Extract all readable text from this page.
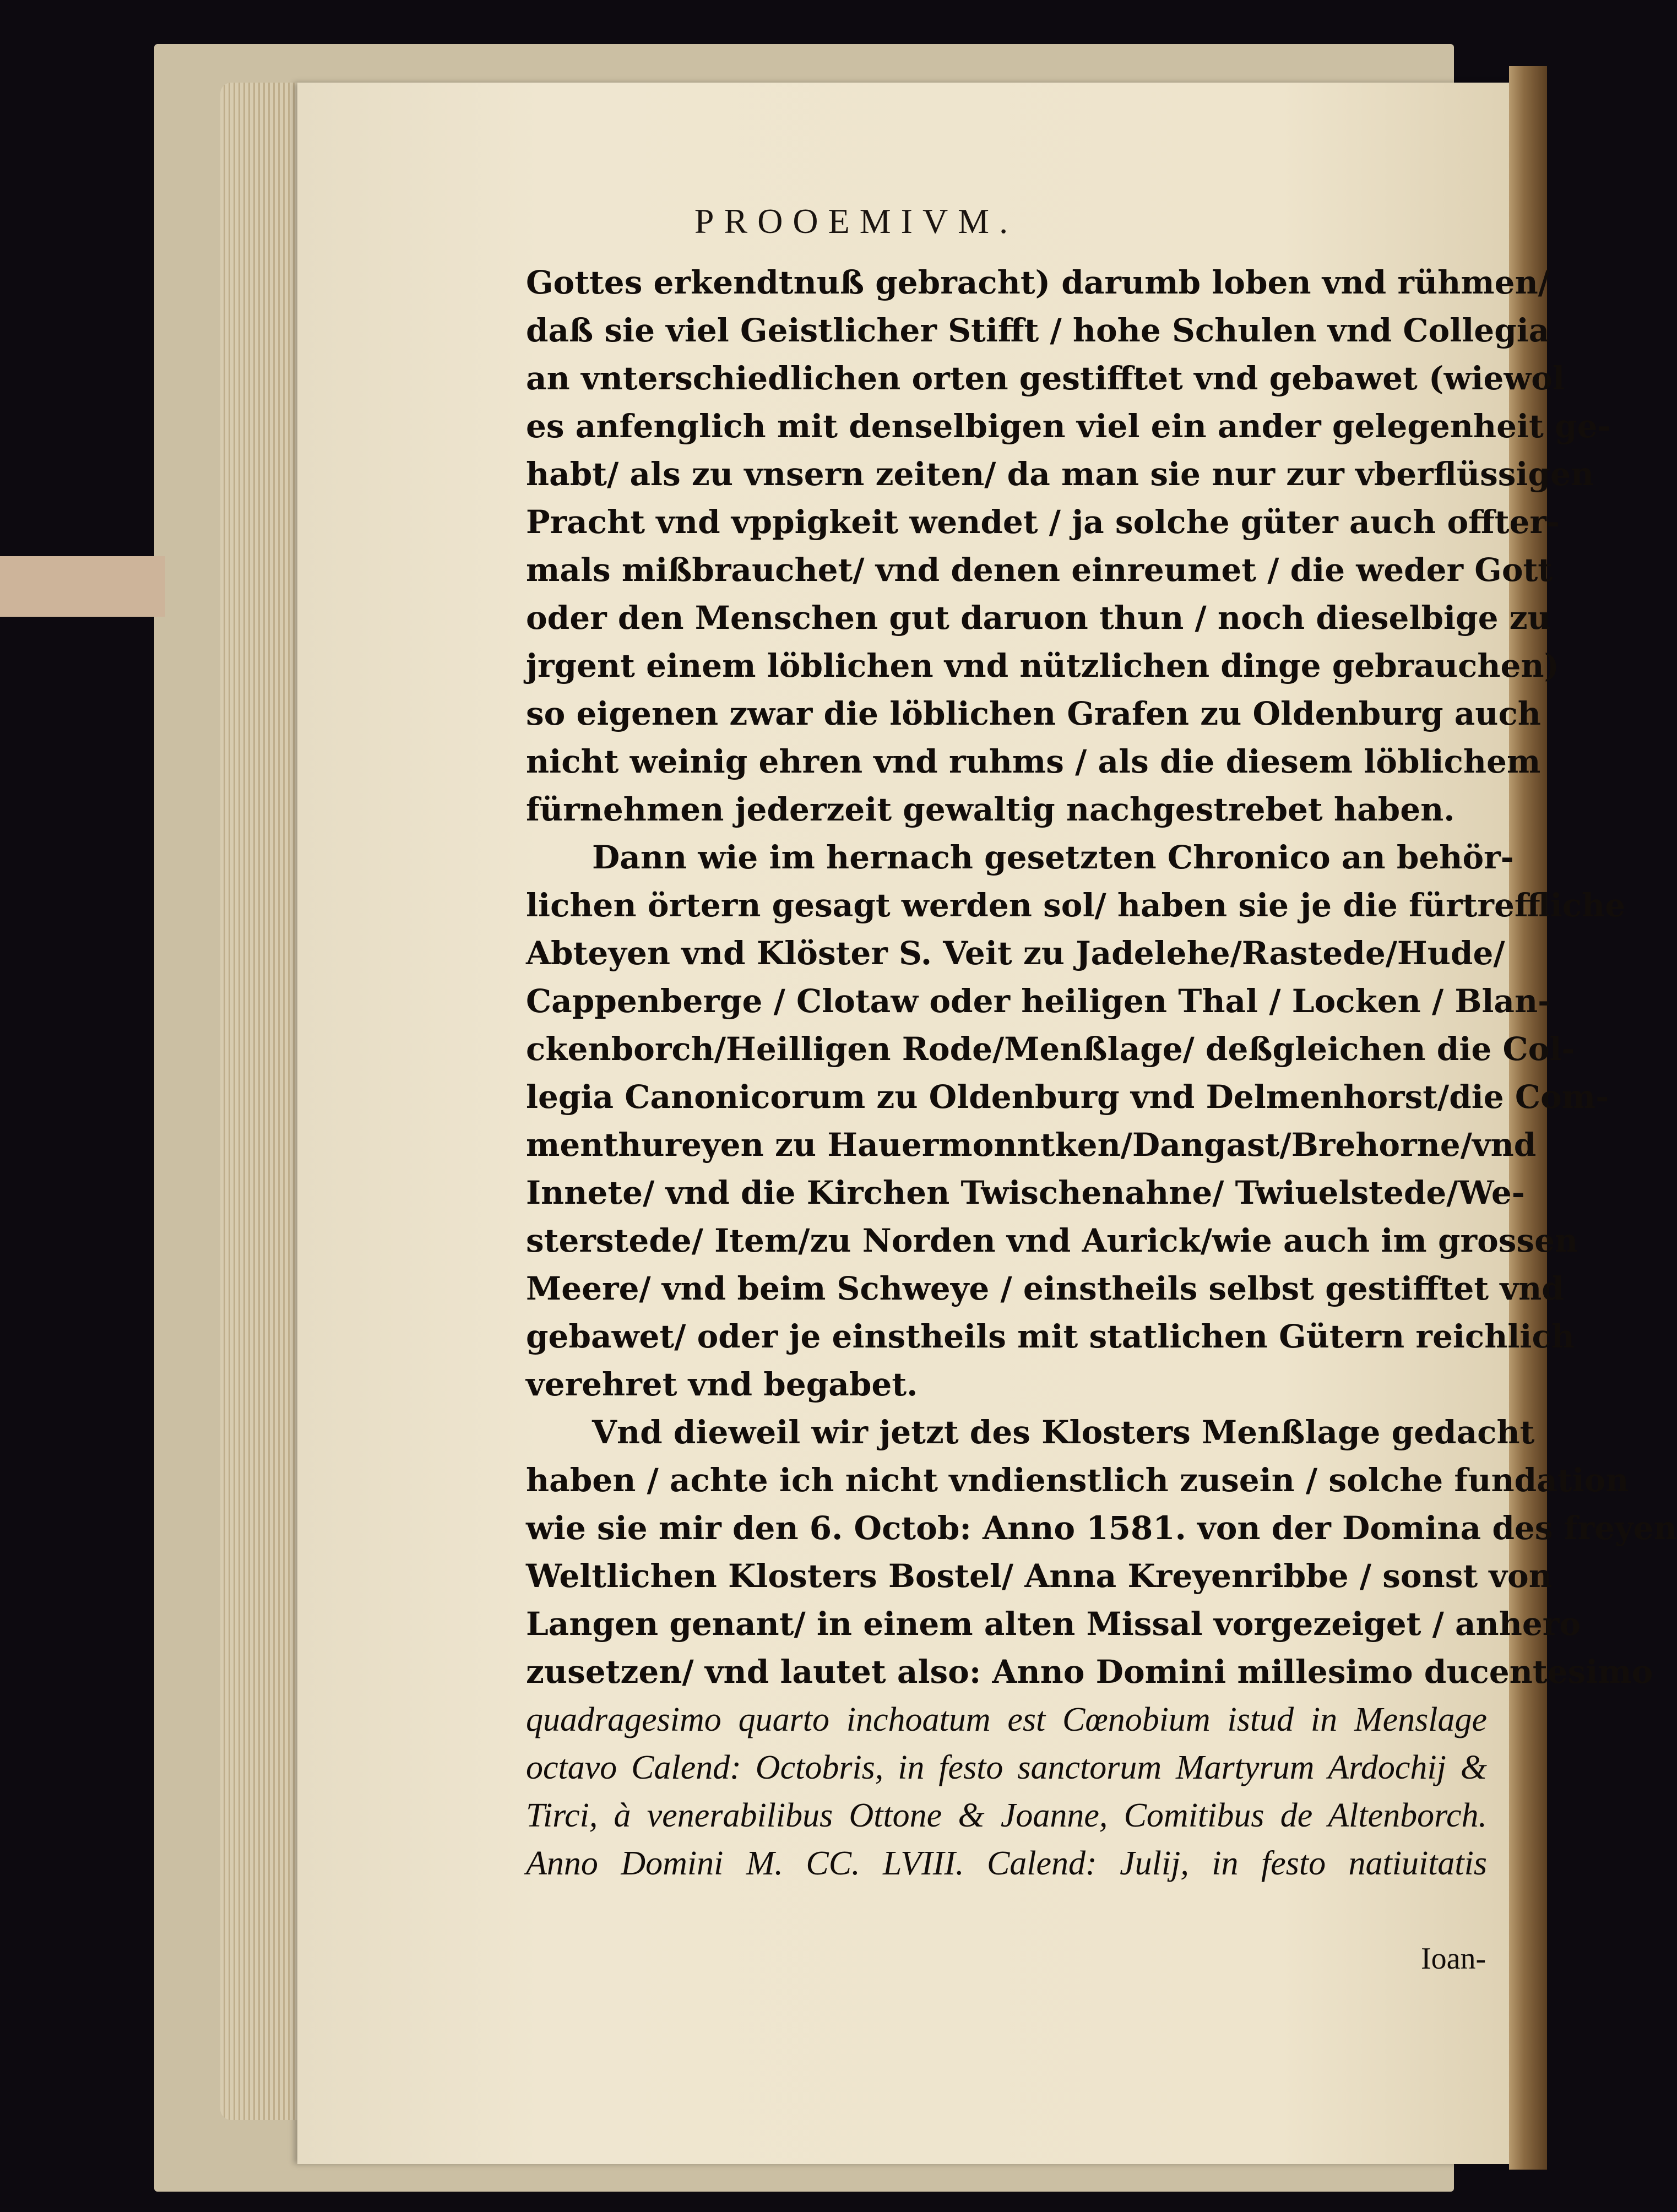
PROOEMIVM.
Gottes erkendtnuß gebracht) darumb loben vnd rühmen/
daß sie viel Geistlicher Stifft / hohe Schulen vnd Collegia
an vnterschiedlichen orten gestifftet vnd gebawet (wiewol
es anfenglich mit denselbigen viel ein ander gelegenheit ge-
habt/ als zu vnsern zeiten/ da man sie nur zur vberflüssigen
Pracht vnd vppigkeit wendet / ja solche güter auch offter-
mals mißbrauchet/ vnd denen einreumet / die weder Gott
oder den Menschen gut daruon thun / noch dieselbige zu
jrgent einem löblichen vnd nützlichen dinge gebrauchen)
so eigenen zwar die löblichen Grafen zu Oldenburg auch
nicht weinig ehren vnd ruhms / als die diesem löblichem
fürnehmen jederzeit gewaltig nachgestrebet haben.
Dann wie im hernach gesetzten Chronico an behör-
lichen örtern gesagt werden sol/ haben sie je die fürtreffliche
Abteyen vnd Klöster S. Veit zu Jadelehe/Rastede/Hude/
Cappenberge / Clotaw oder heiligen Thal / Locken / Blan-
ckenborch/Heilligen Rode/Menßlage/ deßgleichen die Col-
legia Canonicorum zu Oldenburg vnd Delmenhorst/die Com-
menthureyen zu Hauermonntken/Dangast/Brehorne/vnd
Innete/ vnd die Kirchen Twischenahne/ Twiuelstede/We-
sterstede/ Item/zu Norden vnd Aurick/wie auch im grossen
Meere/ vnd beim Schweye / einstheils selbst gestifftet vnd
gebawet/ oder je einstheils mit statlichen Gütern reichlich
verehret vnd begabet.
Vnd dieweil wir jetzt des Klosters Menßlage gedacht
haben / achte ich nicht vndienstlich zusein / solche fundation
wie sie mir den 6. Octob: Anno 1581. von der Domina des freyen
Weltlichen Klosters Bostel/ Anna Kreyenribbe / sonst von
Langen genant/ in einem alten Missal vorgezeiget / anhero
zusetzen/ vnd lautet also: Anno Domini millesimo ducentesimo
quadragesimo quarto inchoatum est Cœnobium istud in Menslage
octavo Calend: Octobris, in festo sanctorum Martyrum Ardochij &
Tirci, à venerabilibus Ottone & Joanne, Comitibus de Altenborch.
Anno Domini M. CC. LVIII. Calend: Julij, in festo natiuitatis
Ioan-
